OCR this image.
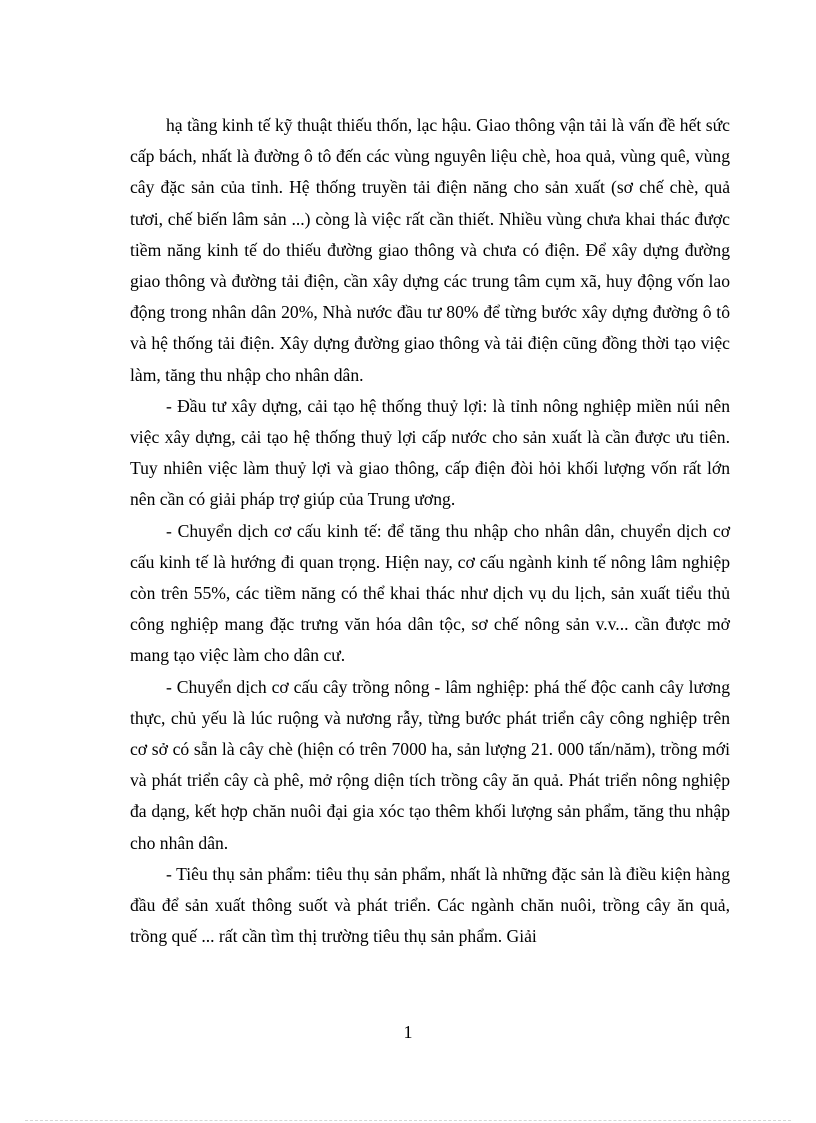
hạ tầng kinh tế kỹ thuật thiếu thốn, lạc hậu. Giao thông vận tải là vấn đề hết sức cấp bách, nhất là đường ô tô đến các vùng nguyên liệu chè, hoa quả, vùng quê, vùng cây đặc sản của tỉnh. Hệ thống truyền tải điện năng cho sản xuất (sơ chế chè, quả tươi, chế biến lâm sản ...) còng là việc rất cần thiết. Nhiều vùng chưa khai thác được tiềm năng kinh tế do thiếu đường giao thông và chưa có điện. Để xây dựng đường giao thông và đường tải điện, cần xây dựng các trung tâm cụm xã, huy động vốn lao động trong nhân dân 20%, Nhà nước đầu tư 80% để từng bước xây dựng đường ô tô và hệ thống tải điện. Xây dựng đường giao thông và tải điện cũng đồng thời tạo việc làm, tăng thu nhập cho nhân dân.

- Đầu tư xây dựng, cải tạo hệ thống thuỷ lợi: là tỉnh nông nghiệp miền núi nên việc xây dựng, cải tạo hệ thống thuỷ lợi cấp nước cho sản xuất là cần được ưu tiên. Tuy nhiên việc làm thuỷ lợi và giao thông, cấp điện đòi hỏi khối lượng vốn rất lớn nên cần có giải pháp trợ giúp của Trung ương.

- Chuyển dịch cơ cấu kinh tế: để tăng thu nhập cho nhân dân, chuyển dịch cơ cấu kinh tế là hướng đi quan trọng. Hiện nay, cơ cấu ngành kinh tế nông lâm nghiệp còn trên 55%, các tiềm năng có thể khai thác như dịch vụ du lịch, sản xuất tiểu thủ công nghiệp mang đặc trưng văn hóa dân tộc, sơ chế nông sản v.v... cần được mở mang tạo việc làm cho dân cư.

- Chuyển dịch cơ cấu cây trồng nông - lâm nghiệp: phá thế độc canh cây lương thực, chủ yếu là lúc ruộng và nương rẫy, từng bước phát triển cây công nghiệp trên cơ sở có sẵn là cây chè (hiện có trên 7000 ha, sản lượng 21. 000 tấn/năm), trồng mới và phát triển cây cà phê, mở rộng diện tích trồng cây ăn quả. Phát triển nông nghiệp đa dạng, kết hợp chăn nuôi đại gia xóc tạo thêm khối lượng sản phẩm, tăng thu nhập cho nhân dân.

- Tiêu thụ sản phẩm: tiêu thụ sản phẩm, nhất là những đặc sản là điều kiện hàng đầu để sản xuất thông suốt và phát triển. Các ngành chăn nuôi, trồng cây ăn quả, trồng quế ... rất cần tìm thị trường tiêu thụ sản phẩm. Giải

1
